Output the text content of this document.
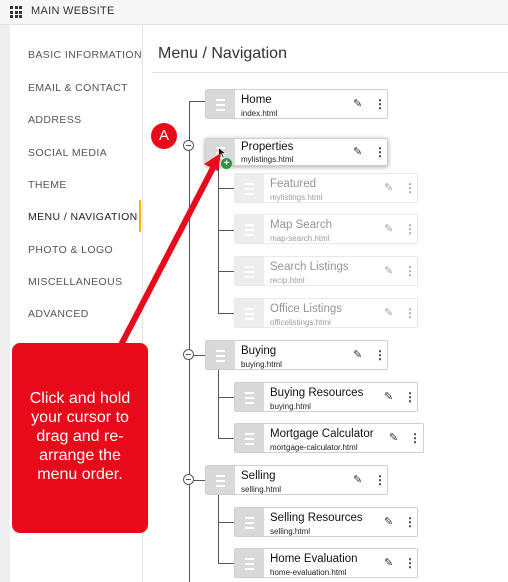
MAIN WEBSITE
BASIC INFORMATION
EMAIL & CONTACT
ADDRESS
SOCIAL MEDIA
THEME
MENU / NAVIGATION
PHOTO & LOGO
MISCELLANEOUS
ADVANCED
Menu / Navigation
Home
index.html
✎ ⋮
Properties
mylistings.html
✎ ⋮
Featured
mylistings.html
✎ ⋮
Map Search
map-search.html
✎ ⋮
Search Listings
recip.html
✎ ⋮
Office Listings
officelistings.html
✎ ⋮
Buying
buying.html
✎ ⋮
Buying Resources
buying.html
✎ ⋮
Mortgage Calculator
mortgage-calculator.html
✎ ⋮
Selling
selling.html
✎ ⋮
Selling Resources
selling.html
✎ ⋮
Home Evaluation
home-evaluation.html
✎ ⋮
+
A
Click and hold your cursor to drag and re-arrange the menu order.
